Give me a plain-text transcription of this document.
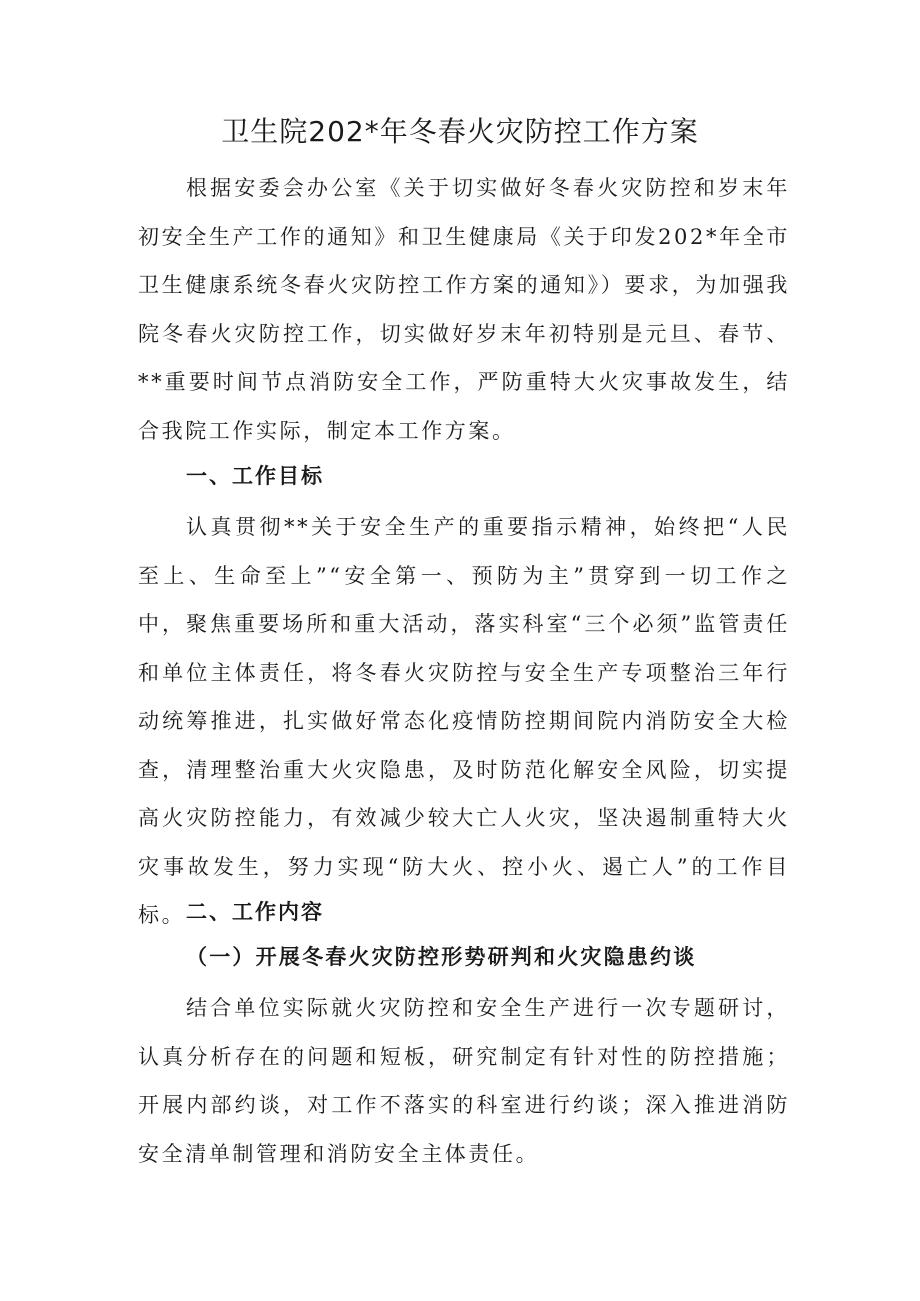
卫生院202*年冬春火灾防控工作方案

根据安委会办公室《关于切实做好冬春火灾防控和岁末年初安全生产工作的通知》和卫生健康局《关于印发202*年全市卫生健康系统冬春火灾防控工作方案的通知》）要求，为加强我院冬春火灾防控工作，切实做好岁末年初特别是元旦、春节、**重要时间节点消防安全工作，严防重特大火灾事故发生，结合我院工作实际，制定本工作方案。

一、工作目标

认真贯彻**关于安全生产的重要指示精神，始终把“人民至上、生命至上”“安全第一、预防为主”贯穿到一切工作之中，聚焦重要场所和重大活动，落实科室“三个必须”监管责任和单位主体责任，将冬春火灾防控与安全生产专项整治三年行动统筹推进，扎实做好常态化疫情防控期间院内消防安全大检查，清理整治重大火灾隐患，及时防范化解安全风险，切实提高火灾防控能力，有效减少较大亡人火灾，坚决遏制重特大火灾事故发生，努力实现“防大火、控小火、遏亡人”的工作目标。 二、工作内容
（一）开展冬春火灾防控形势研判和火灾隐患约谈

结合单位实际就火灾防控和安全生产进行一次专题研讨，认真分析存在的问题和短板，研究制定有针对性的防控措施；开展内部约谈，对工作不落实的科室进行约谈；深入推进消防安全清单制管理和消防安全主体责任。
